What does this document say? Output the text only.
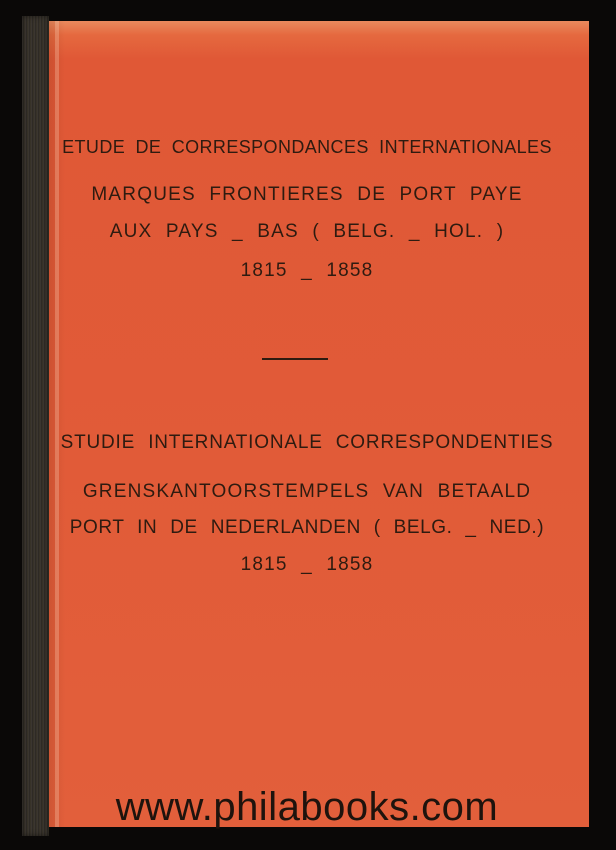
ETUDE DE CORRESPONDANCES INTERNATIONALES
MARQUES FRONTIERES DE PORT PAYE
AUX PAYS _ BAS ( BELG. _ HOL. )
1815 _ 1858
STUDIE INTERNATIONALE CORRESPONDENTIES
GRENSKANTOORSTEMPELS VAN BETAALD
PORT IN DE NEDERLANDEN ( BELG. _ NED.)
1815 _ 1858
www.philabooks.com
